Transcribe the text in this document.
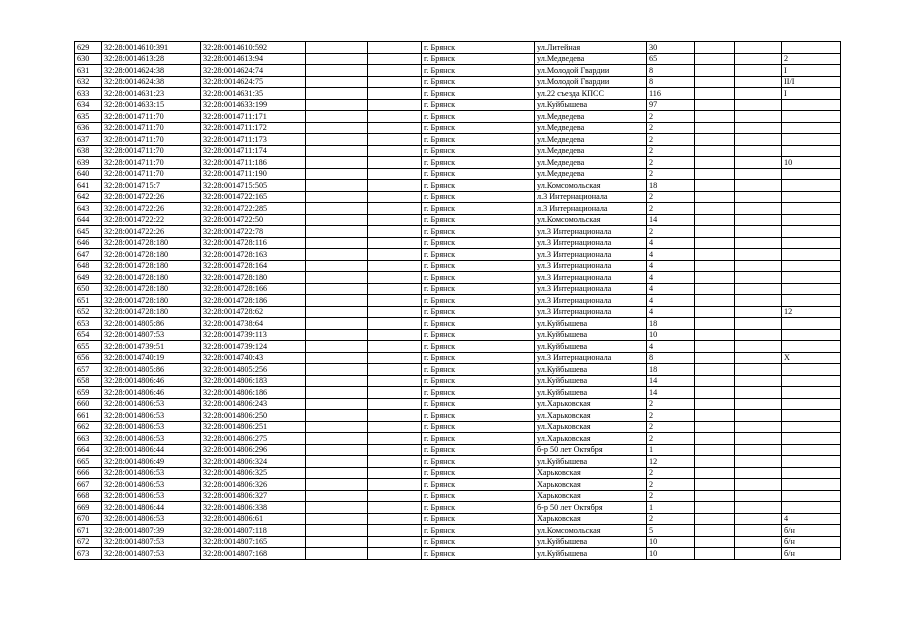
629	32:28:0014610:391	32:28:0014610:592			г. Брянск	ул.Литейная	30			
630	32:28:0014613:28	32:28:0014613:94			г. Брянск	ул.Медведева	65			2
631	32:28:0014624:38	32:28:0014624:74			г. Брянск	ул.Молодой Гвардии	8			I
632	32:28:0014624:38	32:28:0014624:75			г. Брянск	ул.Молодой Гвардии	8			II/I
633	32:28:0014631:23	32:28:0014631:35			г. Брянск	ул.22 съезда КПСС	116			I
634	32:28:0014633:15	32:28:0014633:199			г. Брянск	ул.Куйбышева	97			
635	32:28:0014711:70	32:28:0014711:171			г. Брянск	ул.Медведева	2			
636	32:28:0014711:70	32:28:0014711:172			г. Брянск	ул.Медведева	2			
637	32:28:0014711:70	32:28:0014711:173			г. Брянск	ул.Медведева	2			
638	32:28:0014711:70	32:28:0014711:174			г. Брянск	ул.Медведева	2			
639	32:28:0014711:70	32:28:0014711:186			г. Брянск	ул.Медведева	2			10
640	32:28:0014711:70	32:28:0014711:190			г. Брянск	ул.Медведева	2			
641	32:28:0014715:7	32:28:0014715:505			г. Брянск	ул.Комсомольская	18			
642	32:28:0014722:26	32:28:0014722:165			г. Брянск	л.3 Интернационала	2			
643	32:28:0014722:26	32:28:0014722:285			г. Брянск	л.3 Интернационала	2			
644	32:28:0014722:22	32:28:0014722:50			г. Брянск	ул.Комсомольская	14			
645	32:28:0014722:26	32:28:0014722:78			г. Брянск	ул.3 Интернационала	2			
646	32:28:0014728:180	32:28:0014728:116			г. Брянск	ул.3 Интернационала	4			
647	32:28:0014728:180	32:28:0014728:163			г. Брянск	ул.3 Интернационала	4			
648	32:28:0014728:180	32:28:0014728:164			г. Брянск	ул.3 Интернационала	4			
649	32:28:0014728:180	32:28:0014728:180			г. Брянск	ул.3 Интернационала	4			
650	32:28:0014728:180	32:28:0014728:166			г. Брянск	ул.3 Интернационала	4			
651	32:28:0014728:180	32:28:0014728:186			г. Брянск	ул.3 Интернационала	4			
652	32:28:0014728:180	32:28:0014728:62			г. Брянск	ул.3 Интернационала	4			12
653	32:28:0014805:86	32:28:0014738:64			г. Брянск	ул.Куйбышева	18			
654	32:28:0014807:53	32:28:0014739:113			г. Брянск	ул.Куйбышева	10			
655	32:28:0014739:51	32:28:0014739:124			г. Брянск	ул.Куйбышева	4			
656	32:28:0014740:19	32:28:0014740:43			г. Брянск	ул.3 Интернационала	8			X
657	32:28:0014805:86	32:28:0014805:256			г. Брянск	ул.Куйбышева	18			
658	32:28:0014806:46	32:28:0014806:183			г. Брянск	ул.Куйбышева	14			
659	32:28:0014806:46	32:28:0014806:186			г. Брянск	ул.Куйбышева	14			
660	32:28:0014806:53	32:28:0014806:243			г. Брянск	ул.Харьковская	2			
661	32:28:0014806:53	32:28:0014806:250			г. Брянск	ул.Харьковская	2			
662	32:28:0014806:53	32:28:0014806:251			г. Брянск	ул.Харьковская	2			
663	32:28:0014806:53	32:28:0014806:275			г. Брянск	ул.Харьковская	2			
664	32:28:0014806:44	32:28:0014806:296			г. Брянск	б-р 50 лет Октября	1			
665	32:28:0014806:49	32:28:0014806:324			г. Брянск	ул.Куйбышева	12			
666	32:28:0014806:53	32:28:0014806:325			г. Брянск	Харьковская	2			
667	32:28:0014806:53	32:28:0014806:326			г. Брянск	Харьковская	2			
668	32:28:0014806:53	32:28:0014806:327			г. Брянск	Харьковская	2			
669	32:28:0014806:44	32:28:0014806:338			г. Брянск	б-р 50 лет Октября	1			
670	32:28:0014806:53	32:28:0014806:61			г. Брянск	Харьковская	2			4
671	32:28:0014807:39	32:28:0014807:118			г. Брянск	ул.Комсомольская	5			б/н
672	32:28:0014807:53	32:28:0014807:165			г. Брянск	ул.Куйбышева	10			б/н
673	32:28:0014807:53	32:28:0014807:168			г. Брянск	ул.Куйбышева	10			б/н
